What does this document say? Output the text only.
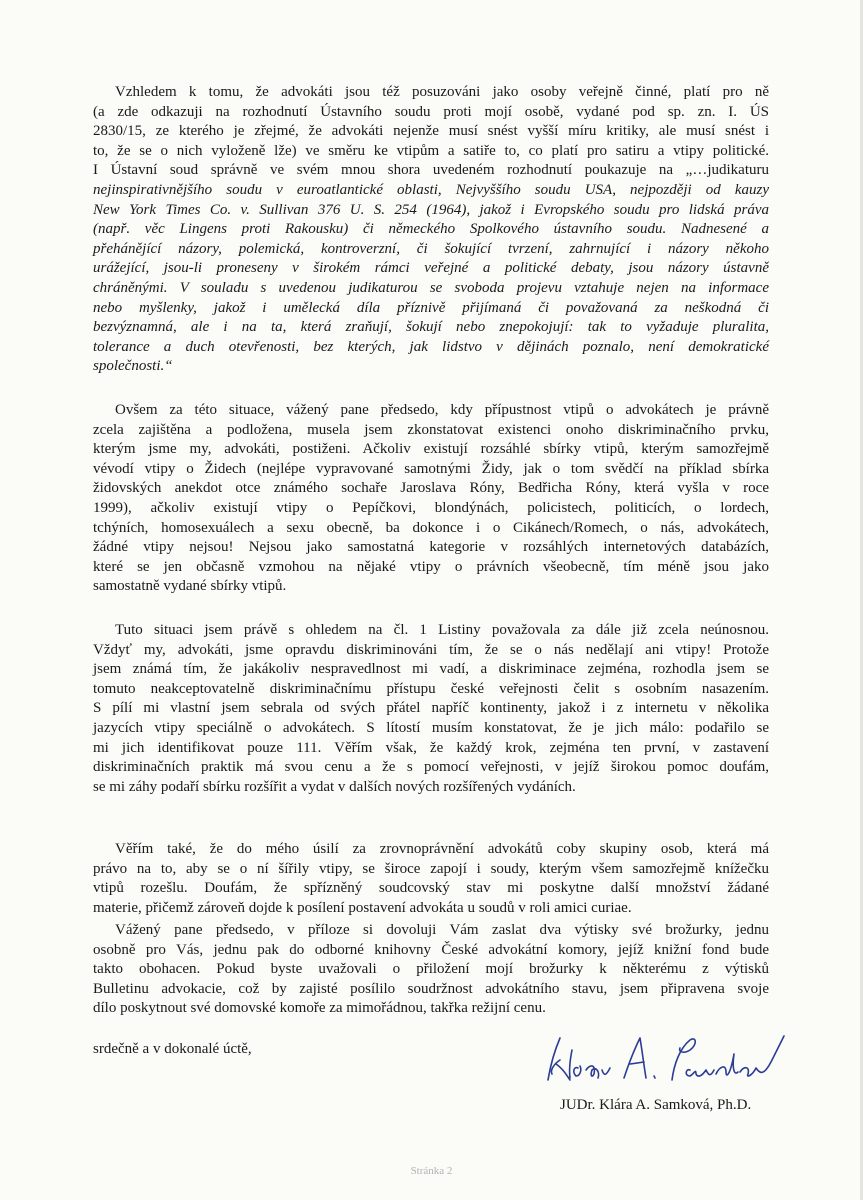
Vzhledem k tomu, že advokáti jsou též posuzováni jako osoby veřejně činné, platí pro ně
(a zde odkazuji na rozhodnutí Ústavního soudu proti mojí osobě, vydané pod sp. zn. I. ÚS
2830/15, ze kterého je zřejmé, že advokáti nejenže musí snést vyšší míru kritiky, ale musí snést i
to, že se o nich vyloženě lže) ve směru ke vtipům a satiře to, co platí pro satiru a vtipy politické.
I Ústavní soud správně ve svém mnou shora uvedeném rozhodnutí poukazuje na „…judikaturu
nejinspirativnějšího soudu v euroatlantické oblasti, Nejvyššího soudu USA, nejpozději od kauzy
New York Times Co. v. Sullivan 376 U. S. 254 (1964), jakož i Evropského soudu pro lidská práva
(např. věc Lingens proti Rakousku) či německého Spolkového ústavního soudu. Nadnesené a
přehánějící názory, polemická, kontroverzní, či šokující tvrzení, zahrnující i názory někoho
urážející, jsou-li proneseny v širokém rámci veřejné a politické debaty, jsou názory ústavně
chráněnými. V souladu s uvedenou judikaturou se svoboda projevu vztahuje nejen na informace
nebo myšlenky, jakož i umělecká díla příznivě přijímaná či považovaná za neškodná či
bezvýznamná, ale i na ta, která zraňují, šokují nebo znepokojují: tak to vyžaduje pluralita,
tolerance a duch otevřenosti, bez kterých, jak lidstvo v dějinách poznalo, není demokratické
společnosti.“
Ovšem za této situace, vážený pane předsedo, kdy přípustnost vtipů o advokátech je právně
zcela zajištěna a podložena, musela jsem zkonstatovat existenci onoho diskriminačního prvku,
kterým jsme my, advokáti, postiženi. Ačkoliv existují rozsáhlé sbírky vtipů, kterým samozřejmě
vévodí vtipy o Židech (nejlépe vypravované samotnými Židy, jak o tom svědčí na příklad sbírka
židovských anekdot otce známého sochaře Jaroslava Róny, Bedřicha Róny, která vyšla v roce
1999), ačkoliv existují vtipy o Pepíčkovi, blondýnách, policistech, politicích, o lordech,
tchýních, homosexuálech a sexu obecně, ba dokonce i o Cikánech/Romech, o nás, advokátech,
žádné vtipy nejsou! Nejsou jako samostatná kategorie v rozsáhlých internetových databázích,
které se jen občasně vzmohou na nějaké vtipy o právních všeobecně, tím méně jsou jako
samostatně vydané sbírky vtipů.
Tuto situaci jsem právě s ohledem na čl. 1 Listiny považovala za dále již zcela neúnosnou.
Vždyť my, advokáti, jsme opravdu diskriminováni tím, že se o nás nedělají ani vtipy! Protože
jsem známá tím, že jakákoliv nespravedlnost mi vadí, a diskriminace zejména, rozhodla jsem se
tomuto neakceptovatelně diskriminačnímu přístupu české veřejnosti čelit s osobním nasazením.
S pílí mi vlastní jsem sebrala od svých přátel napříč kontinenty, jakož i z internetu v několika
jazycích vtipy speciálně o advokátech. S lítostí musím konstatovat, že je jich málo: podařilo se
mi jich identifikovat pouze 111. Věřím však, že každý krok, zejména ten první, v zastavení
diskriminačních praktik má svou cenu a že s pomocí veřejnosti, v jejíž širokou pomoc doufám,
se mi záhy podaří sbírku rozšířit a vydat v dalších nových rozšířených vydáních.
Věřím také, že do mého úsilí za zrovnoprávnění advokátů coby skupiny osob, která má
právo na to, aby se o ní šířily vtipy, se široce zapojí i soudy, kterým všem samozřejmě knížečku
vtipů rozešlu. Doufám, že spřízněný soudcovský stav mi poskytne další množství žádané
materie, přičemž zároveň dojde k posílení postavení advokáta u soudů v roli amici curiae.
Vážený pane předsedo, v příloze si dovoluji Vám zaslat dva výtisky své brožurky, jednu
osobně pro Vás, jednu pak do odborné knihovny České advokátní komory, jejíž knižní fond bude
takto obohacen. Pokud byste uvažovali o přiložení mojí brožurky k některému z výtisků
Bulletinu advokacie, což by zajisté posílilo soudržnost advokátního stavu, jsem připravena svoje
dílo poskytnout své domovské komoře za mimořádnou, takřka režijní cenu.
srdečně a v dokonalé úctě,
JUDr. Klára A. Samková, Ph.D.
Stránka 2
